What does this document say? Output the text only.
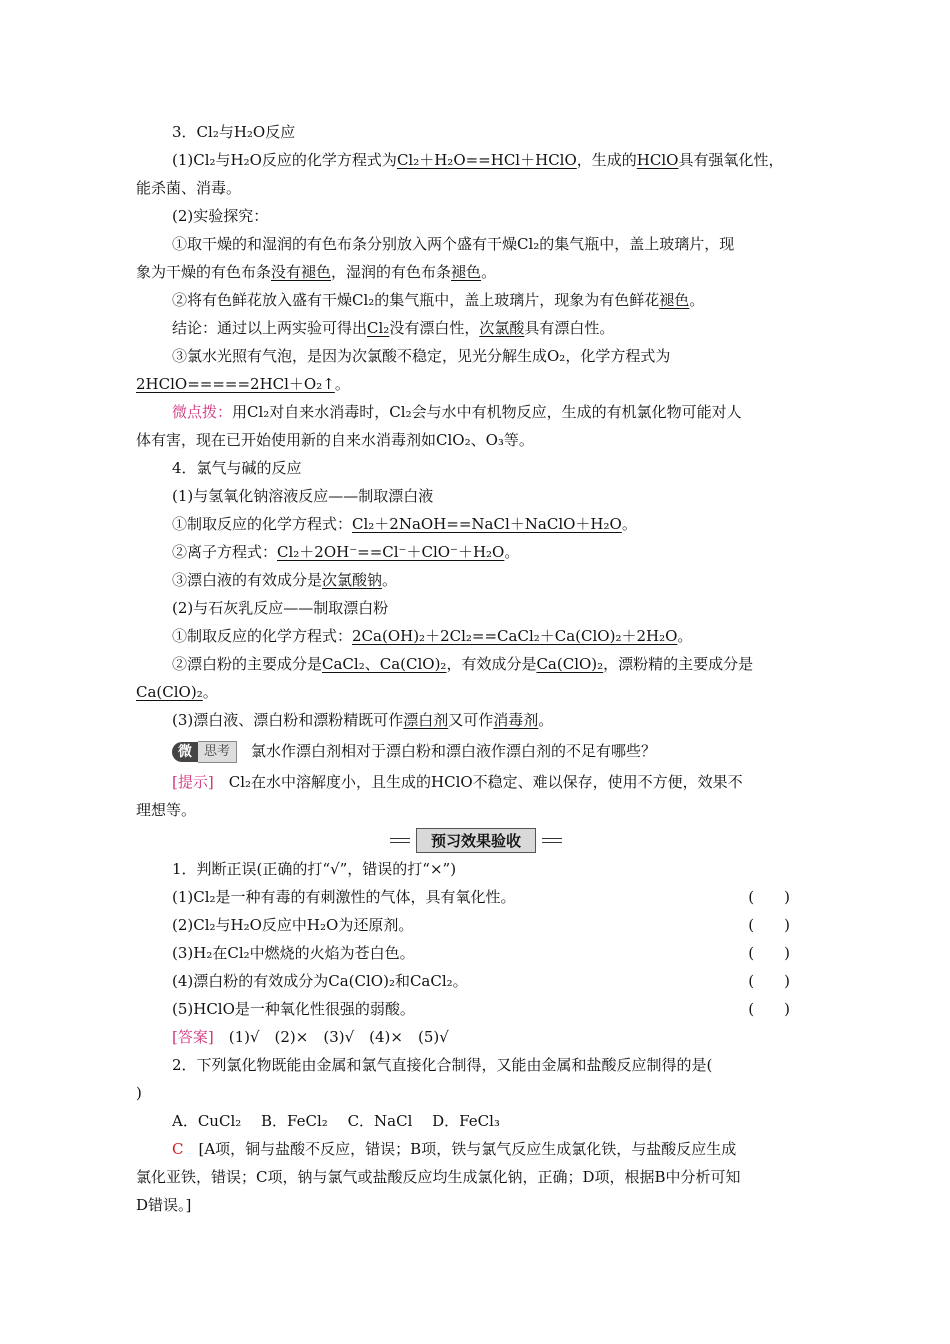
3．Cl₂与H₂O反应
(1)Cl₂与H₂O反应的化学方程式为Cl₂＋H₂O==HCl＋HClO，生成的HClO具有强氧化性，
能杀菌、消毒。
(2)实验探究：
①取干燥的和湿润的有色布条分别放入两个盛有干燥Cl₂的集气瓶中，盖上玻璃片，现
象为干燥的有色布条没有褪色，湿润的有色布条褪色。
②将有色鲜花放入盛有干燥Cl₂的集气瓶中，盖上玻璃片，现象为有色鲜花褪色。
结论：通过以上两实验可得出Cl₂没有漂白性，次氯酸具有漂白性。
③氯水光照有气泡，是因为次氯酸不稳定，见光分解生成O₂，化学方程式为
2HClO=====2HCl＋O₂↑。
微点拨：用Cl₂对自来水消毒时，Cl₂会与水中有机物反应，生成的有机氯化物可能对人
体有害，现在已开始使用新的自来水消毒剂如ClO₂、O₃等。
4．氯气与碱的反应
(1)与氢氧化钠溶液反应——制取漂白液
①制取反应的化学方程式：Cl₂＋2NaOH==NaCl＋NaClO＋H₂O。
②离子方程式：Cl₂＋2OH⁻==Cl⁻＋ClO⁻＋H₂O。
③漂白液的有效成分是次氯酸钠。
(2)与石灰乳反应——制取漂白粉
①制取反应的化学方程式：2Ca(OH)₂＋2Cl₂==CaCl₂＋Ca(ClO)₂＋2H₂O。
②漂白粉的主要成分是CaCl₂、Ca(ClO)₂，有效成分是Ca(ClO)₂，漂粉精的主要成分是
Ca(ClO)₂。
(3)漂白液、漂白粉和漂粉精既可作漂白剂又可作消毒剂。
微 思考	氯水作漂白剂相对于漂白粉和漂白液作漂白剂的不足有哪些？
[提示]　 Cl₂在水中溶解度小，且生成的HClO不稳定、难以保存，使用不方便，效果不
理想等。
预习效果验收
1．判断正误(正确的打“√”，错误的打“×”)
(1)Cl₂是一种有毒的有刺激性的气体，具有氧化性。	(　　)
(2)Cl₂与H₂O反应中H₂O为还原剂。	(　　)
(3)H₂在Cl₂中燃烧的火焰为苍白色。	(　　)
(4)漂白粉的有效成分为Ca(ClO)₂和CaCl₂。	(　　)
(5)HClO是一种氧化性很强的弱酸。	(　　)
[答案]　 (1)√　(2)×　(3)√　(4)×　(5)√
2．下列氯化物既能由金属和氯气直接化合制得，又能由金属和盐酸反应制得的是(
)
A．CuCl₂　 B．FeCl₂　 C．NaCl　 D．FeCl₃
C　 [A项，铜与盐酸不反应，错误；B项，铁与氯气反应生成氯化铁，与盐酸反应生成
氯化亚铁，错误；C项，钠与氯气或盐酸反应均生成氯化钠，正确；D项，根据B中分析可知
D错误。]
